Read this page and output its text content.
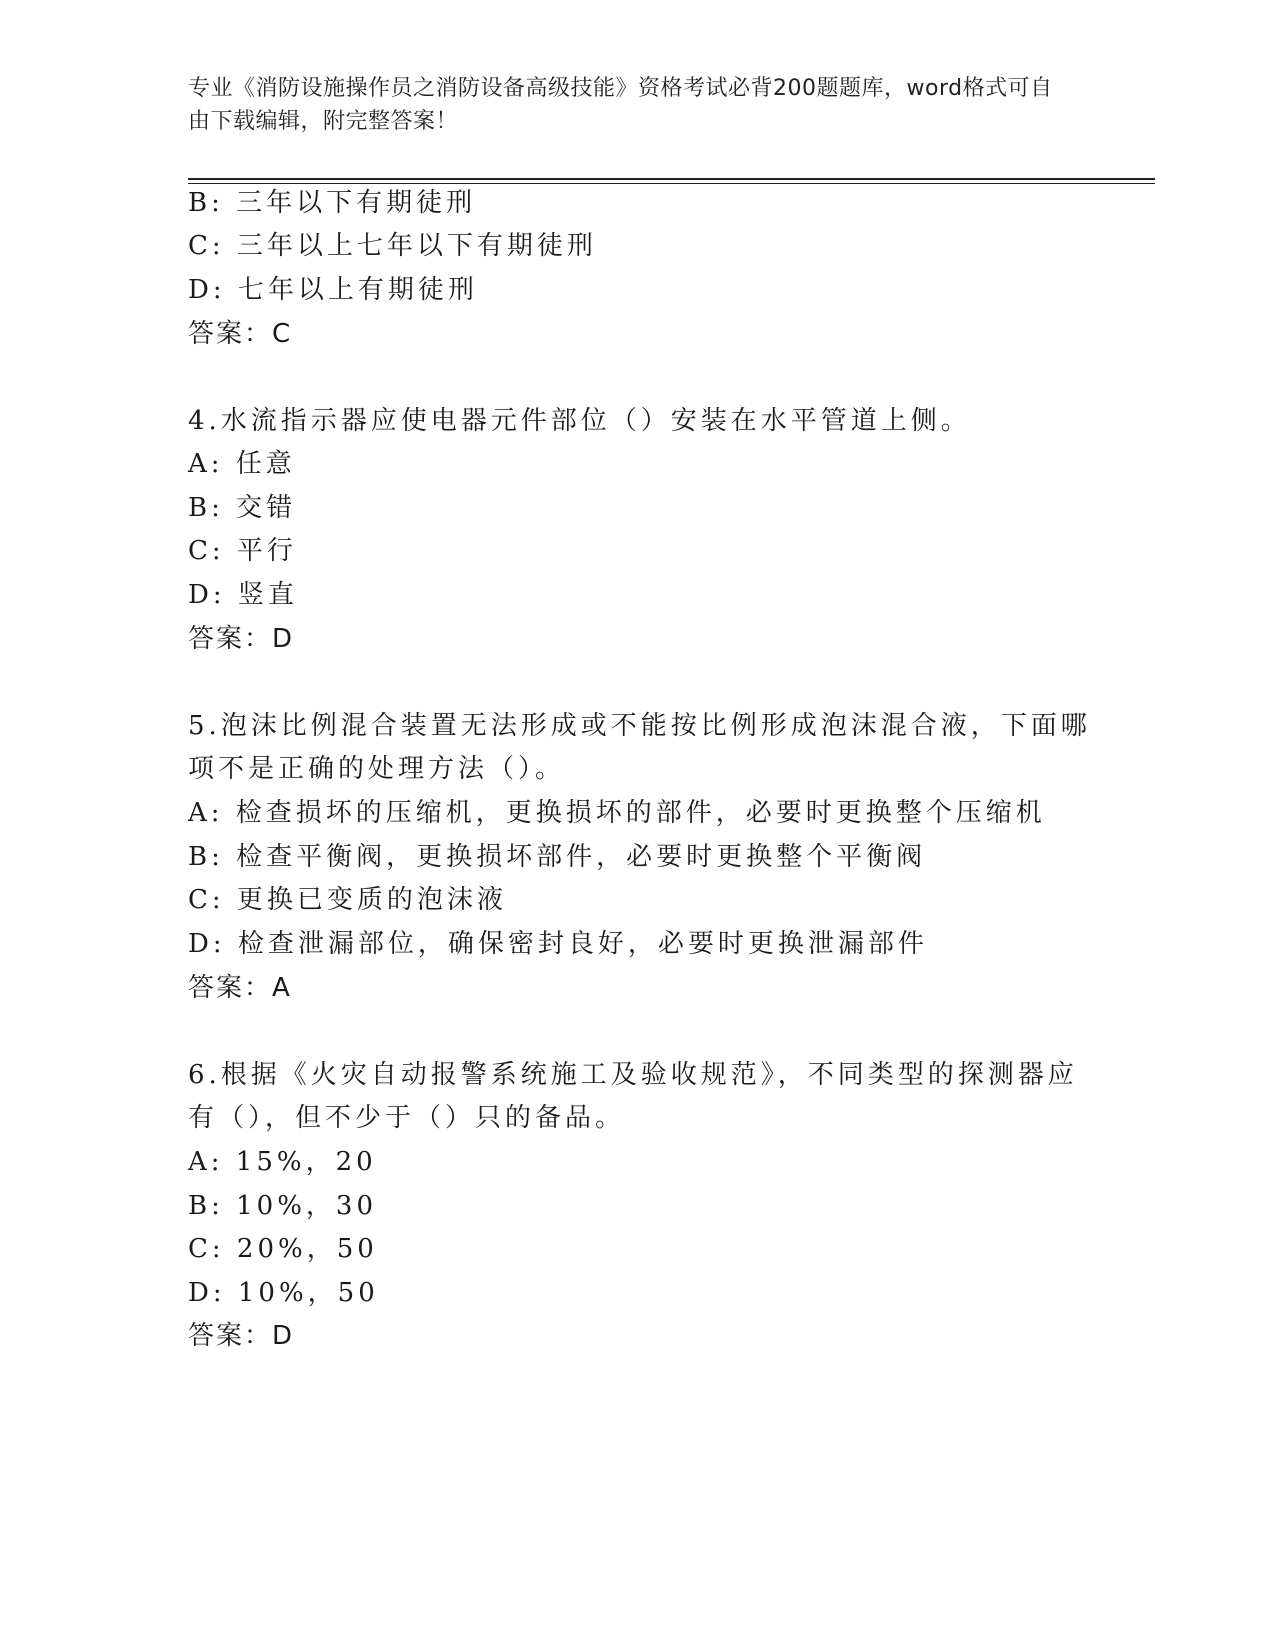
专业《消防设施操作员之消防设备高级技能》资格考试必背200题题库，word格式可自由下载编辑，附完整答案！
B: 三年以下有期徒刑
C: 三年以上七年以下有期徒刑
D: 七年以上有期徒刑
答案：C
4.水流指示器应使电器元件部位（）安装在水平管道上侧。
A: 任意
B: 交错
C: 平行
D: 竖直
答案：D
5.泡沫比例混合装置无法形成或不能按比例形成泡沫混合液，下面哪
项不是正确的处理方法（）。
A: 检查损坏的压缩机，更换损坏的部件，必要时更换整个压缩机
B: 检查平衡阀，更换损坏部件，必要时更换整个平衡阀
C: 更换已变质的泡沫液
D: 检查泄漏部位，确保密封良好，必要时更换泄漏部件
答案：A
6.根据《火灾自动报警系统施工及验收规范》，不同类型的探测器应
有（），但不少于（）只的备品。
A: 15%，20
B: 10%，30
C: 20%，50
D: 10%，50
答案：D
